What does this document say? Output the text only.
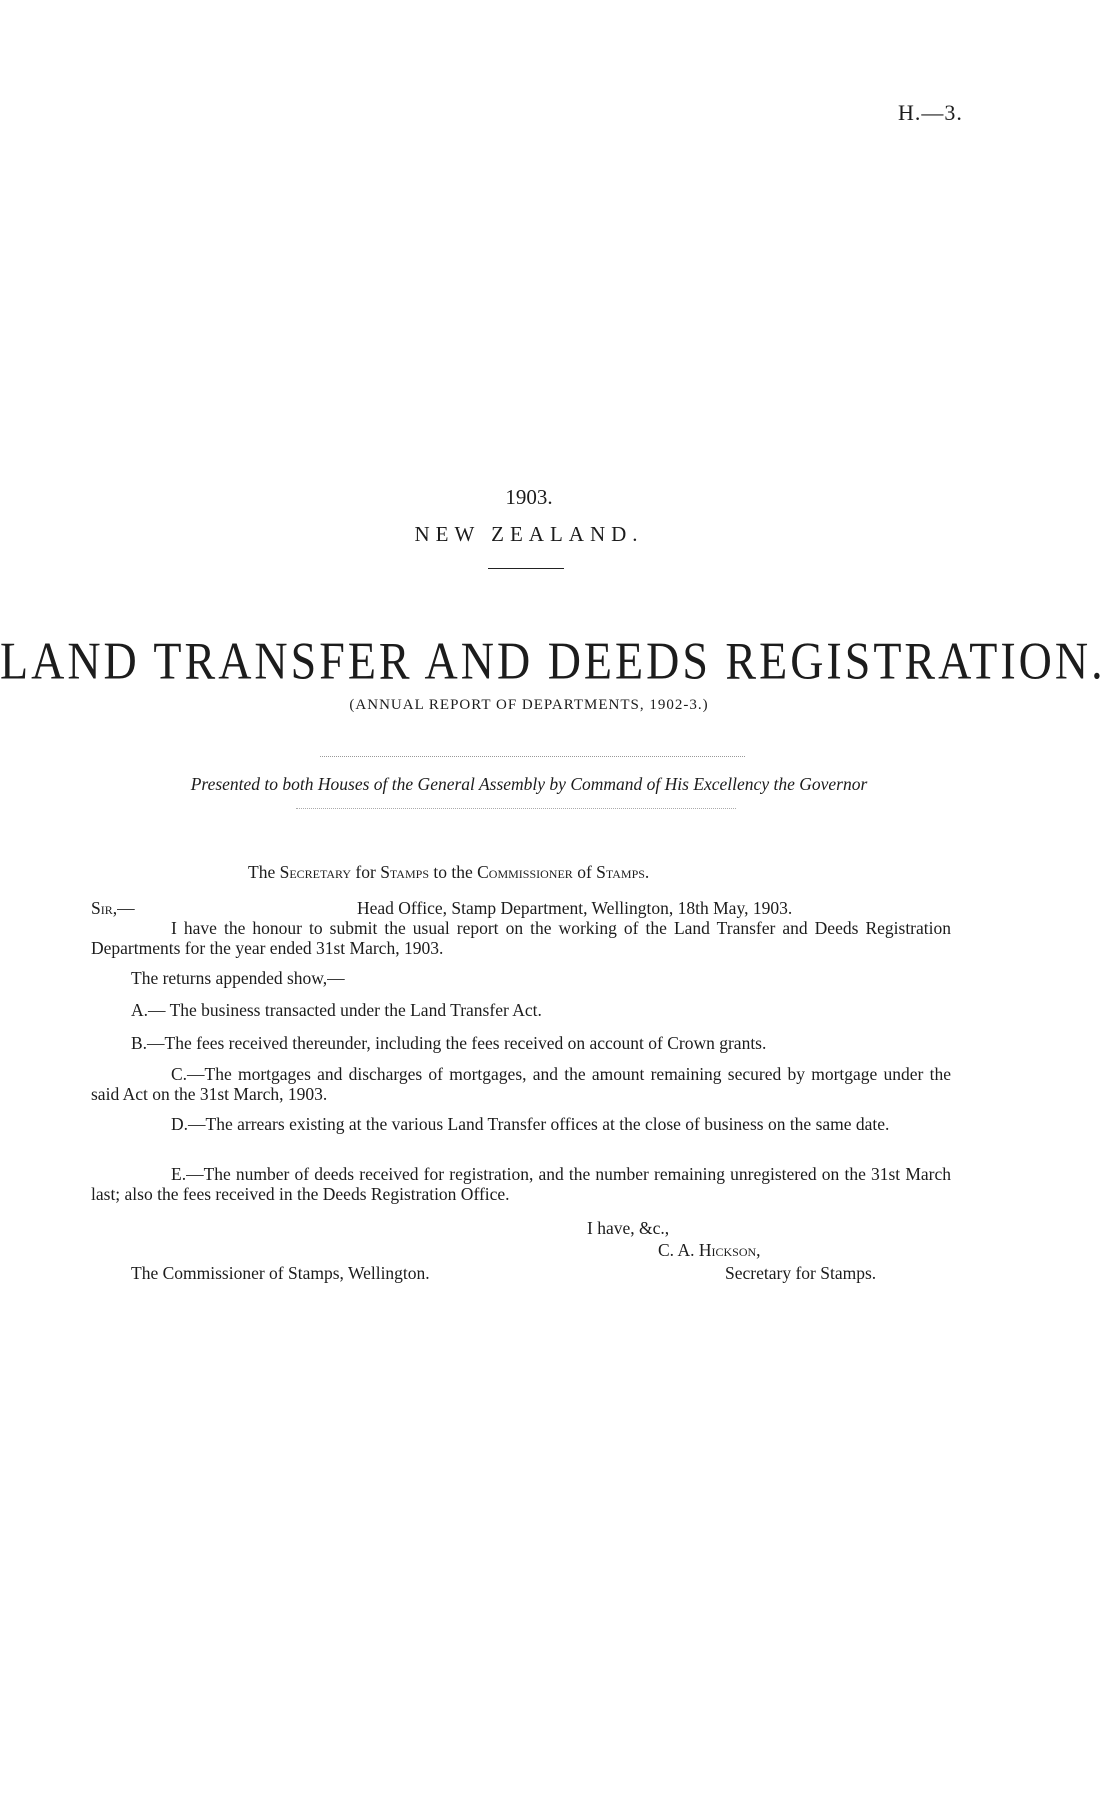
H.—3.
1903.
NEW ZEALAND.
LAND TRANSFER AND DEEDS REGISTRATION.
(ANNUAL REPORT OF DEPARTMENTS, 1902-3.)
Presented to both Houses of the General Assembly by Command of His Excellency the Governor
The Secretary for Stamps to the Commissioner of Stamps.
Sir,—	Head Office, Stamp Department, Wellington, 18th May, 1903.
I have the honour to submit the usual report on the working of the Land Transfer and Deeds Registration Departments for the year ended 31st March, 1903.
The returns appended show,—
A.— The business transacted under the Land Transfer Act.
B.—The fees received thereunder, including the fees received on account of Crown grants.
C.—The mortgages and discharges of mortgages, and the amount remaining secured by mortgage under the said Act on the 31st March, 1903.
D.—The arrears existing at the various Land Transfer offices at the close of business on the same date.
E.—The number of deeds received for registration, and the number remaining unregistered on the 31st March last; also the fees received in the Deeds Registration Office.
I have, &c.,
C. A. Hickson,
Secretary for Stamps.
The Commissioner of Stamps, Wellington.
